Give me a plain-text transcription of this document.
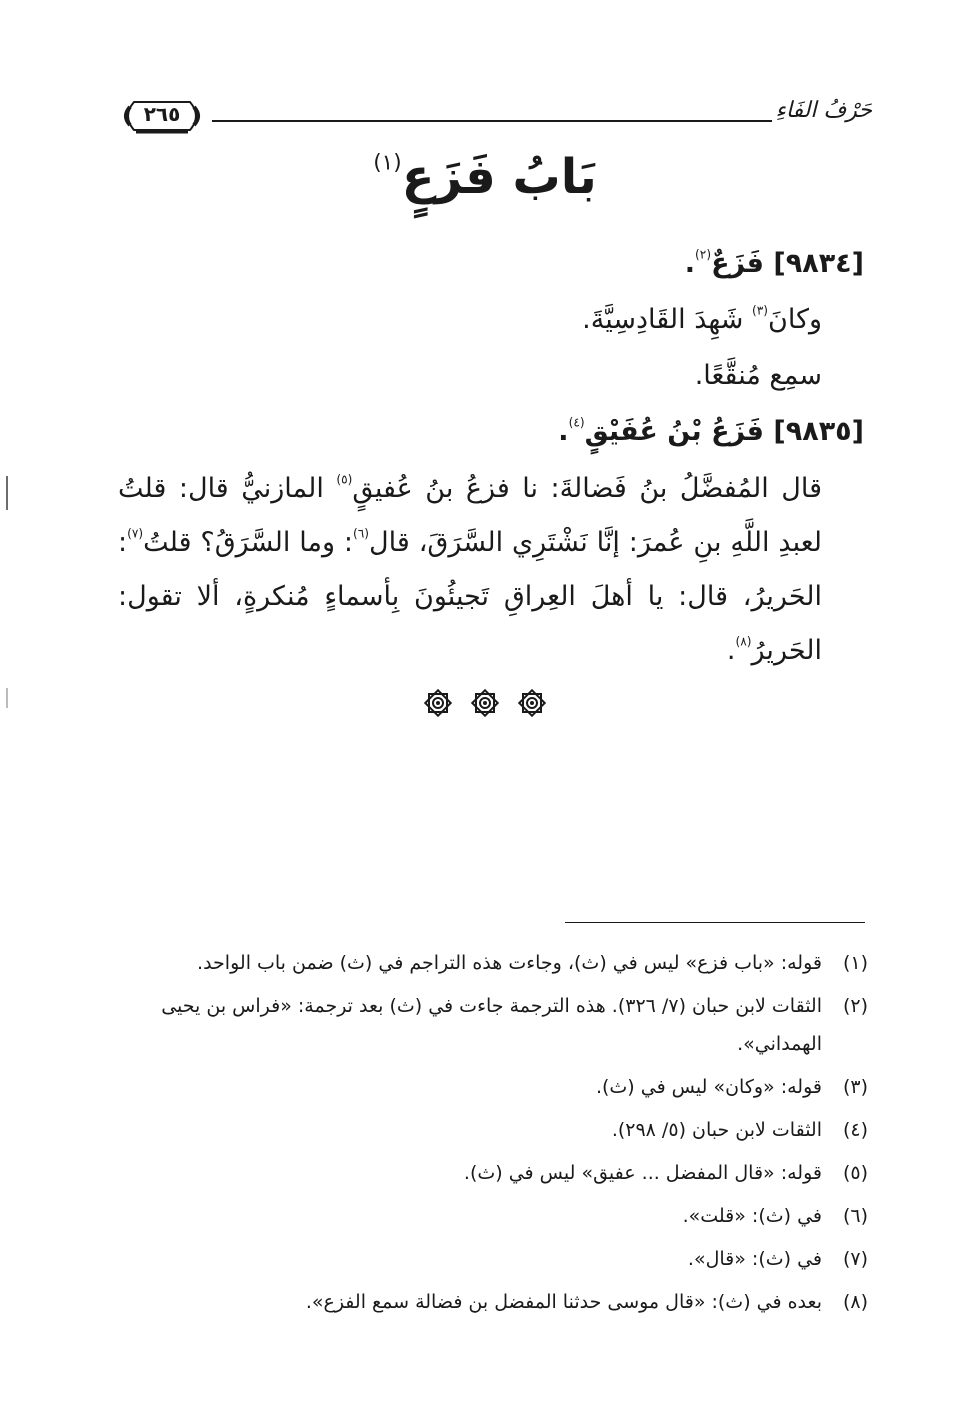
حَرْفُ الفَاءِ
٢٦٥
بَابُ فَزَعٍ$^{(١)}$
[٩٨٣٤] فَزَعٌ$^{(٢)}$.
وكانَ$^{(٣)}$ شَهِدَ القَادِسِيَّةَ.
سمِع مُنقَّعًا.
[٩٨٣٥] فَزَعُ بْنُ عُفَيْقٍ$^{(٤)}$.
قال المُفضَّلُ بنُ فَضالةَ: نا فزعُ بنُ عُفيقٍ$^{(٥)}$ المازنيُّ قال: قلتُ لعبدِ اللَّهِ بنِ عُمرَ: إنَّا نَشْتَرِي السَّرَقَ، قال$^{(٦)}$: وما السَّرَقُ؟ قلتُ$^{(٧)}$: الحَريرُ، قال: يا أهلَ العِراقِ تَجيئُونَ بِأسماءٍ مُنكرةٍ، ألا تقول: الحَريرُ$^{(٨)}$.

(١)
قوله: «باب فزع» ليس في (ث)، وجاءت هذه التراجم في (ث) ضمن باب الواحد.
(٢)
الثقات لابن حبان (٧/ ٣٢٦). هذه الترجمة جاءت في (ث) بعد ترجمة: «فراس بن يحيى الهمداني».
(٣)
قوله: «وكان» ليس في (ث).
(٤)
الثقات لابن حبان (٥/ ٢٩٨).
(٥)
قوله: «قال المفضل ... عفيق» ليس في (ث).
(٦)
في (ث): «قلت».
(٧)
في (ث): «قال».
(٨)
بعده في (ث): «قال موسى حدثنا المفضل بن فضالة سمع الفزع».
